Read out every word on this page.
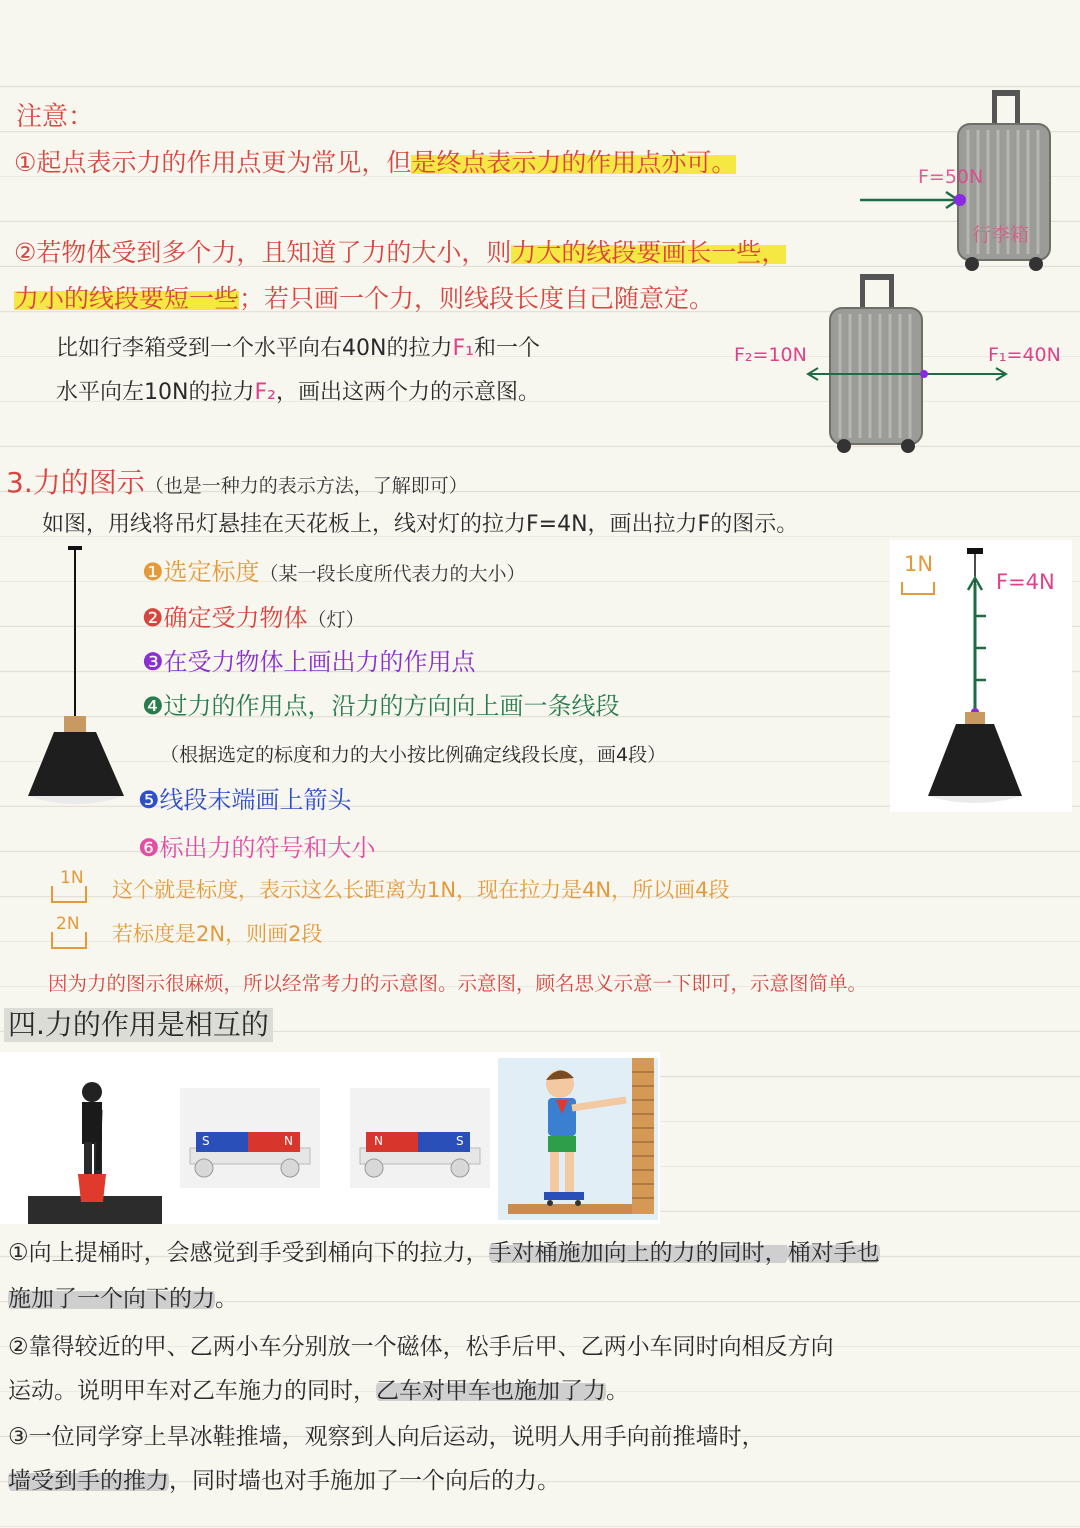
注意：
①起点表示力的作用点更为常见，但是终点表示力的作用点亦可。
②若物体受到多个力，且知道了力的大小，则力大的线段要画长一些，
力小的线段要短一些；若只画一个力，则线段长度自己随意定。
比如行李箱受到一个水平向右40N的拉力F₁和一个
水平向左10N的拉力F₂，画出这两个力的示意图。
F=50N
行李箱
F₂=10N	F₁=40N
3.力的图示（也是一种力的表示方法，了解即可）
如图，用线将吊灯悬挂在天花板上，线对灯的拉力F=4N，画出拉力F的图示。
❶选定标度（某一段长度所代表力的大小）
❷确定受力物体（灯）
❸在受力物体上画出力的作用点
❹过力的作用点，沿力的方向向上画一条线段
（根据选定的标度和力的大小按比例确定线段长度，画4段）
❺线段末端画上箭头
❻标出力的符号和大小
1N 这个就是标度，表示这么长距离为1N，现在拉力是4N，所以画4段
2N 若标度是2N，则画2段
因为力的图示很麻烦，所以经常考力的示意图。示意图，顾名思义示意一下即可，示意图简单。
1N
F=4N
四.力的作用是相互的
S	N	N	S
①向上提桶时，会感觉到手受到桶向下的拉力，手对桶施加向上的力的同时，桶对手也
施加了一个向下的力。
②靠得较近的甲、乙两小车分别放一个磁体，松手后甲、乙两小车同时向相反方向
运动。说明甲车对乙车施力的同时，乙车对甲车也施加了力。
③一位同学穿上旱冰鞋推墙，观察到人向后运动，说明人用手向前推墙时，
墙受到手的推力，同时墙也对手施加了一个向后的力。
